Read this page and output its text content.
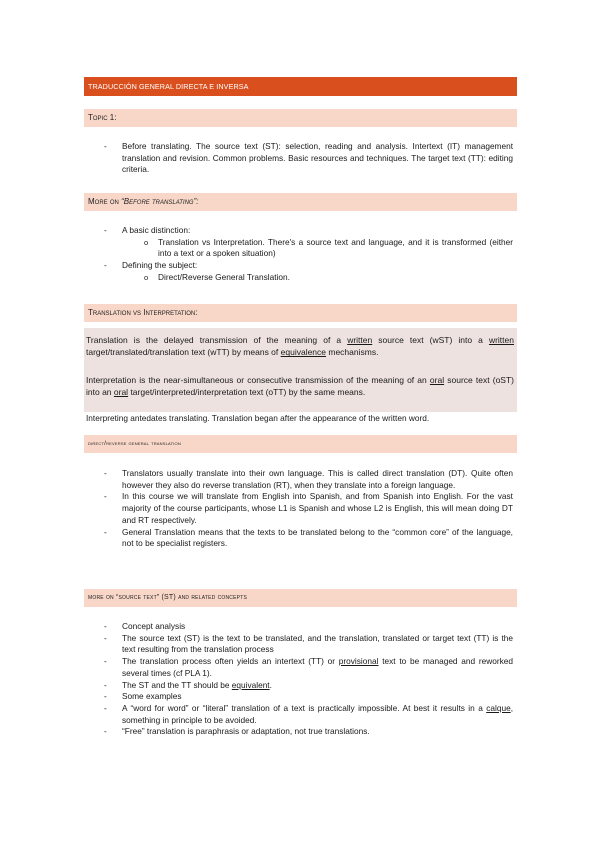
TRADUCCIÓN GENERAL DIRECTA E INVERSA
Topic 1:
- Before translating. The source text (ST): selection, reading and analysis. Intertext (IT) management translation and revision. Common problems. Basic resources and techniques. The target text (TT): editing criteria.
More on “Before translating”:
- A basic distinction:
o Translation vs Interpretation. There's a source text and language, and it is transformed (either into a text or a spoken situation)
- Defining the subject:
o Direct/Reverse General Translation.
Translation vs Interpretation:

Translation is the delayed transmission of the meaning of a written source text (wST) into a written target/translated/translation text (wTT) by means of equivalence mechanisms.

Interpretation is the near-simultaneous or consecutive transmission of the meaning of an oral source text (oST) into an oral target/interpreted/interpretation text (oTT) by the same means.

Interpreting antedates translating. Translation began after the appearance of the written word.

direct/reverse general translation
- Translators usually translate into their own language. This is called direct translation (DT). Quite often however they also do reverse translation (RT), when they translate into a foreign language.
- In this course we will translate from English into Spanish, and from Spanish into English. For the vast majority of the course participants, whose L1 is Spanish and whose L2 is English, this will mean doing DT and RT respectively.
- General Translation means that the texts to be translated belong to the “common core” of the language, not to be specialist registers.
more on “source text” (ST) and related concepts
- Concept analysis
- The source text (ST) is the text to be translated, and the translation, translated or target text (TT) is the text resulting from the translation process
- The translation process often yields an intertext (TT) or provisional text to be managed and reworked several times (cf PLA 1).
- The ST and the TT should be equivalent.
- Some examples
- A “word for word” or “literal” translation of a text is practically impossible. At best it results in a calque, something in principle to be avoided.
- “Free” translation is paraphrasis or adaptation, not true translations.
